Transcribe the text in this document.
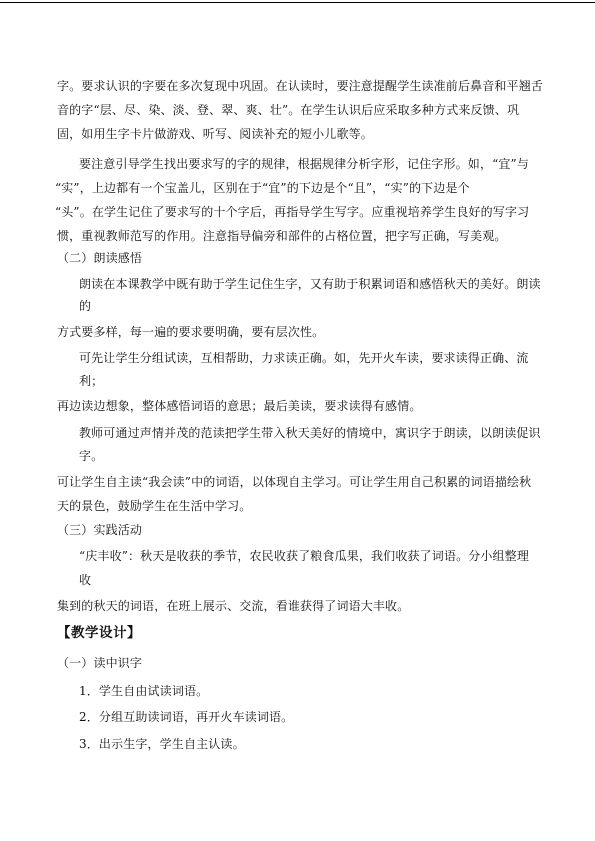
字。要求认识的字要在多次复现中巩固。在认读时，要注意提醒学生读准前后鼻音和平翘舌
音的字“层、尽、染、淡、登、翠、爽、壮”。在学生认识后应采取多种方式来反馈、巩
固，如用生字卡片做游戏、听写、阅读补充的短小儿歌等。
要注意引导学生找出要求写的字的规律，根据规律分析字形，记住字形。如，“宜”与
“实”，上边都有一个宝盖儿，区别在于“宜”的下边是个“且”，“实”的下边是个
“头”。在学生记住了要求写的十个字后，再指导学生写字。应重视培养学生良好的写字习
惯，重视教师范写的作用。注意指导偏旁和部件的占格位置，把字写正确，写美观。
（二）朗读感悟
朗读在本课教学中既有助于学生记住生字，又有助于积累词语和感悟秋天的美好。朗读
的
方式要多样，每一遍的要求要明确，要有层次性。
可先让学生分组试读，互相帮助，力求读正确。如，先开火车读，要求读得正确、流
利；
再边读边想象，整体感悟词语的意思；最后美读，要求读得有感情。
教师可通过声情并茂的范读把学生带入秋天美好的情境中，寓识字于朗读，以朗读促识
字。
可让学生自主读“我会读”中的词语，以体现自主学习。可让学生用自己积累的词语描绘秋
天的景色，鼓励学生在生活中学习。
（三）实践活动
“庆丰收”：秋天是收获的季节，农民收获了粮食瓜果，我们收获了词语。分小组整理
收
集到的秋天的词语，在班上展示、交流，看谁获得了词语大丰收。
【教学设计】
（一）读中识字
1．学生自由试读词语。
2．分组互助读词语，再开火车读词语。
3．出示生字，学生自主认读。
